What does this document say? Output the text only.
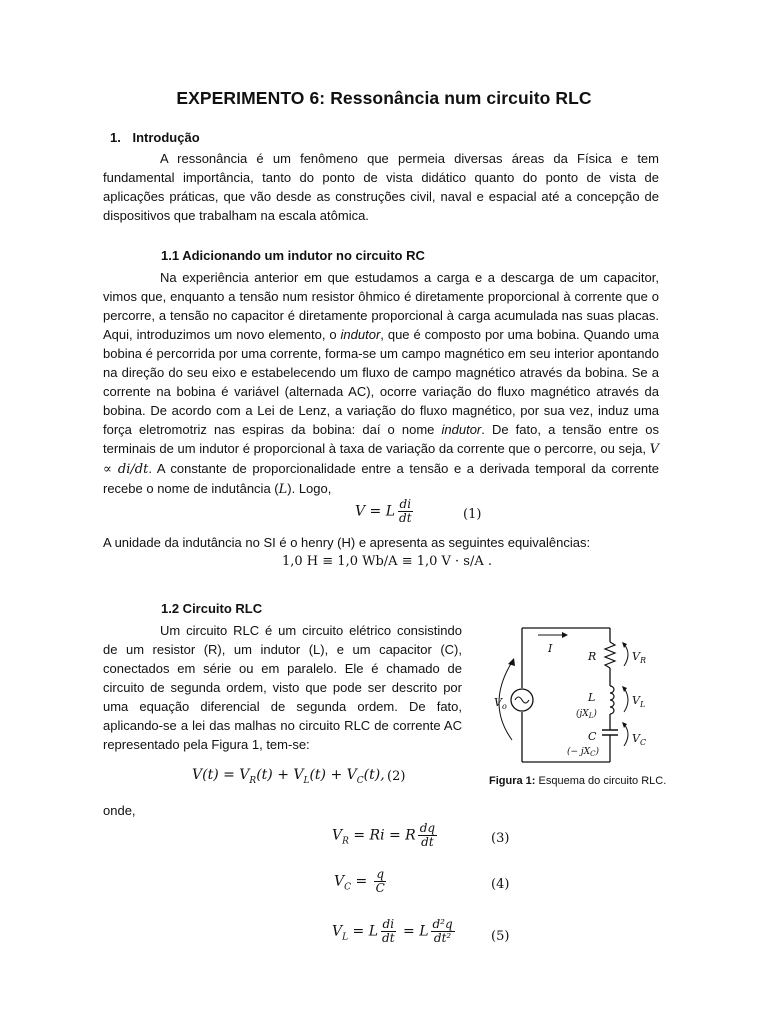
EXPERIMENTO 6: Ressonância num circuito RLC
1. Introdução

A ressonância é um fenômeno que permeia diversas áreas da Física e tem fundamental importância, tanto do ponto de vista didático quanto do ponto de vista de aplicações práticas, que vão desde as construções civil, naval e espacial até a concepção de dispositivos que trabalham na escala atômica.

1.1 Adicionando um indutor no circuito RC

Na experiência anterior em que estudamos a carga e a descarga de um capacitor, vimos que, enquanto a tensão num resistor ôhmico é diretamente proporcional à corrente que o percorre, a tensão no capacitor é diretamente proporcional à carga acumulada nas suas placas. Aqui, introduzimos um novo elemento, o indutor, que é composto por uma bobina. Quando uma bobina é percorrida por uma corrente, forma-se um campo magnético em seu interior apontando na direção do seu eixo e estabelecendo um fluxo de campo magnético através da bobina. Se a corrente na bobina é variável (alternada AC), ocorre variação do fluxo magnético através da bobina. De acordo com a Lei de Lenz, a variação do fluxo magnético, por sua vez, induz uma força eletromotriz nas espiras da bobina: daí o nome indutor. De fato, a tensão entre os terminais de um indutor é proporcional à taxa de variação da corrente que o percorre, ou seja, V ∝ di/dt. A constante de proporcionalidade entre a tensão e a derivada temporal da corrente recebe o nome de indutância (L). Logo,

V = L $\frac{di}{dt}$	(1)

A unidade da indutância no SI é o henry (H) e apresenta as seguintes equivalências:

1,0 H ≡ 1,0 Wb/A ≡ 1,0 V · s/A .
1.2 Circuito RLC

Um circuito RLC é um circuito elétrico consistindo de um resistor (R), um indutor (L), e um capacitor (C), conectados em série ou em paralelo. Ele é chamado de circuito de segunda ordem, visto que pode ser descrito por uma equação diferencial de segunda ordem. De fato, aplicando-se a lei das malhas no circuito RLC de corrente AC representado pela Figura 1, tem-se:

$V(t) = V_R(t) + V_L(t) + V_C(t)$, (2)
onde,
$V_R = Ri = R \frac{dq}{dt}$	(3)
$V_C = \frac{q}{C}$	(4)
$V_L = L \frac{di}{dt} = L \frac{\text{d²q}}{\text{dt²}}$	(5)
I
$V_o$
R
L
$(jX_L)$
C
(− $jX_C$)
$V_R$
$V_L$
$V_C$
Figura 1: Esquema do circuito RLC.
